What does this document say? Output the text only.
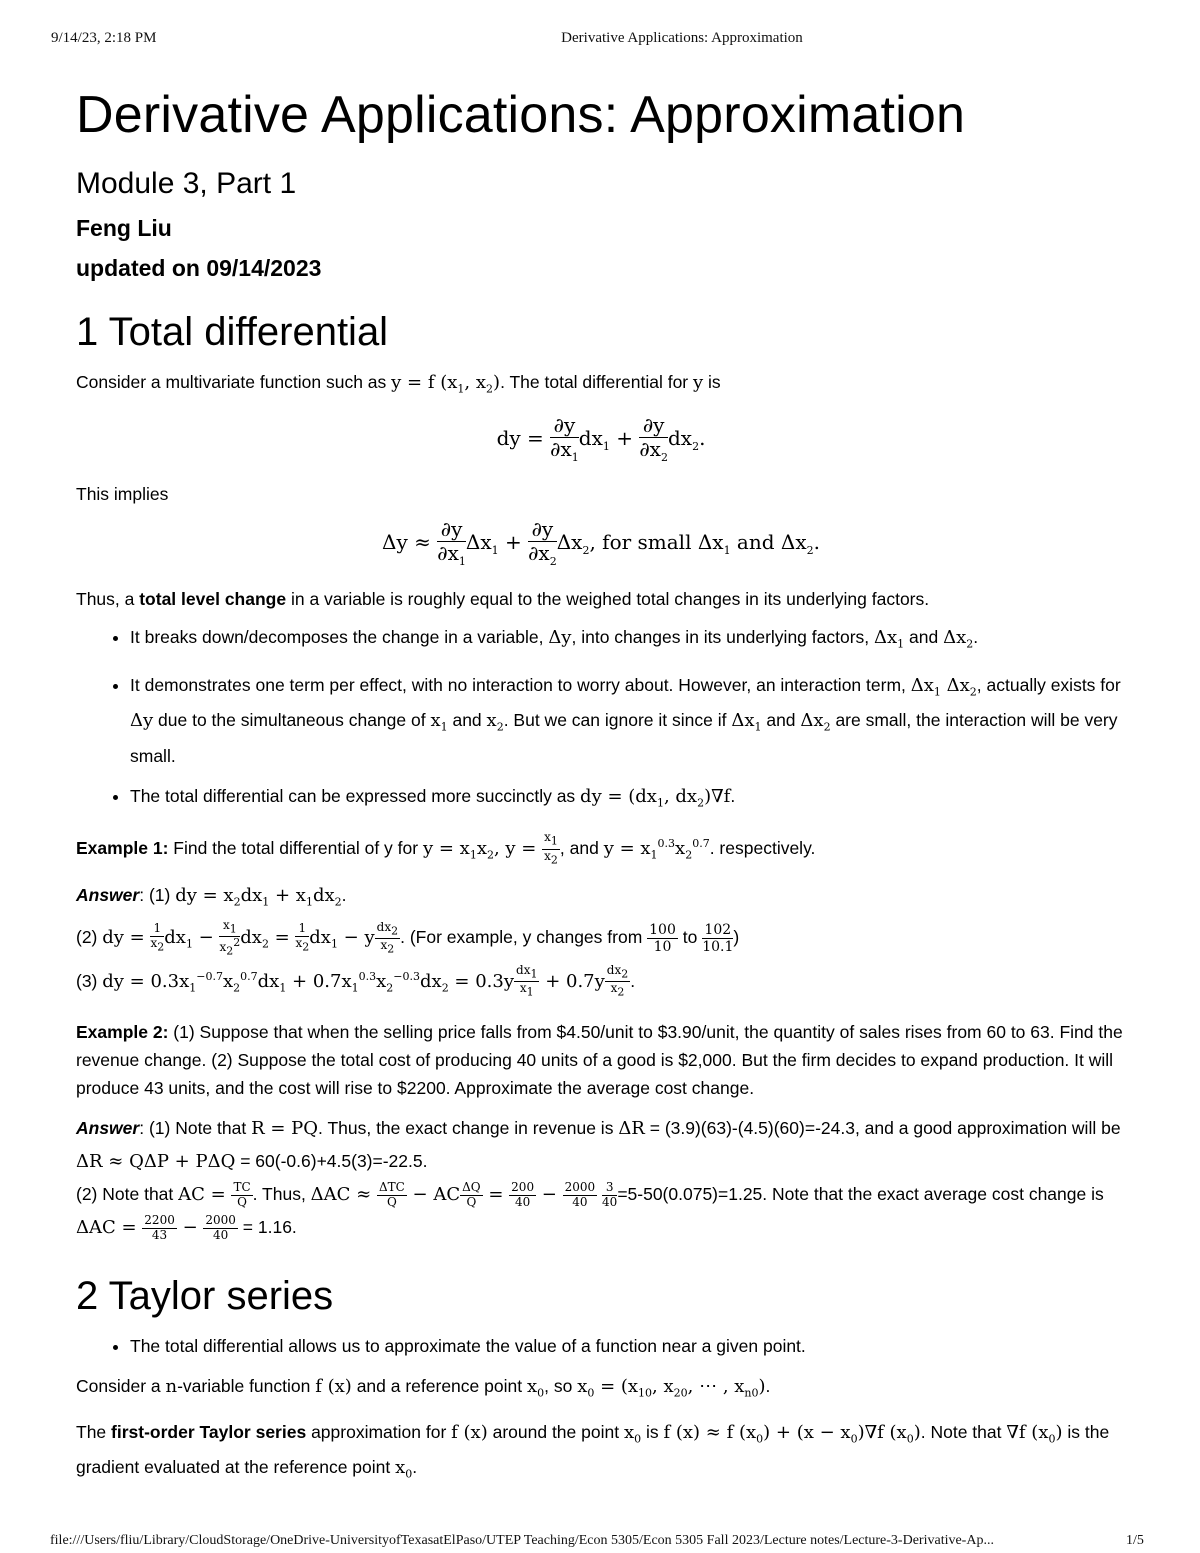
9/14/23, 2:18 PM	Derivative Applications: Approximation
Derivative Applications: Approximation
Module 3, Part 1
Feng Liu
updated on 09/14/2023
1 Total differential

Consider a multivariate function such as y = f ($x_1$, $x_2$). The total differential for y is

dy = $\frac{\partial y}{\partial x_1} dx_1 + \frac{\partial y}{\partial x_2} dx_2$.

This implies

$\Delta y \approx \frac{\partial y}{\partial x_1} \Delta x_1 + \frac{\partial y}{\partial x_2} \Delta x_2$, for small $\Delta x_1$ and $\Delta x_2$.

Thus, a total level change in a variable is roughly equal to the weighed total changes in its underlying factors.

• It breaks down/decomposes the change in a variable, Δy, into changes in its underlying factors, $\Delta x_1$ and $\Delta x_2$.
• It demonstrates one term per effect, with no interaction to worry about. However, an interaction term, $\Delta x_1$ $\Delta x_2$, actually exists for Δy due to the simultaneous change of $x_1$ and $x_2$. But we can ignore it since if $\Delta x_1$ and $\Delta x_2$ are small, the interaction will be very small.
• The total differential can be expressed more succinctly as dy = ($dx_1$, $dx_2)\nabla f$.

Example 1: Find the total differential of y for $y = x_1x_2$, $y = \frac{x_1}{x_2}$ , and $y = x_1^{0.3}x_2^{0.7}$. respectively.

Answer: (1) dy = $x_2dx_1 + x_1dx_2$.
(2) dy = $\frac{1}{x_2} dx_1 - \frac{x_1}{x_2^2} dx_2 = \frac{1}{x_2} dx_1 - y \frac{dx_2}{x_2}$ . (For example, y changes from $\frac{100}{10}$ to $\frac{102}{10.1}$ )
(3) dy = $0.3x_1^{-0.7}x_2^{0.7}dx_1 + 0.7x_1^{0.3}x_2^{-0.3}dx_2 = 0.3y \frac{dx_1}{x_1} + 0.7y \frac{dx_2}{x_2}$ .

Example 2: (1) Suppose that when the selling price falls from $4.50/unit to $3.90/unit, the quantity of sales rises from 60 to 63. Find the revenue change. (2) Suppose the total cost of producing 40 units of a good is $2,000. But the firm decides to expand production. It will produce 43 units, and the cost will rise to $2200. Approximate the average cost change.

Answer: (1) Note that R = PQ. Thus, the exact change in revenue is ΔR = (3.9)(63)-(4.5)(60)=-24.3, and a good approximation will be ΔR ≈ QΔP + PΔQ = 60(-0.6)+4.5(3)=-22.5.
(2) Note that AC = $\frac{TC}{Q}$ . Thus, $\Delta AC \approx \frac{\text{ΔTC}}{Q}$ − AC $\frac{\Delta Q}{Q} = \frac{200}{40} - \frac{2000}{40}$
$\frac{3}{40} =5-50(0.075)=1.25$. Note that the exact average cost change is $\Delta AC = \frac{2200}{43} - \frac{2000}{40} = 1.16$.

2 Taylor series
• The total differential allows us to approximate the value of a function near a given point.

Consider a n-variable function f (x) and a reference point $x_0$, so $x_0 = (x_{10}$, $x_{20}$, ⋯ , $x_{n0}$).

The first-order Taylor series approximation for f (x) around the point $x_0$ is f (x) ≈ f $(x_0) + (x - x_0)\nabla f$ $(x_0)$. Note that ∇f $(x_0)$ is the gradient evaluated at the reference point $x_0$.

file:///Users/fliu/Library/CloudStorage/OneDrive-UniversityofTexasatElPaso/UTEP Teaching/Econ 5305/Econ 5305 Fall 2023/Lecture notes/Lecture-3-Derivative-Ap...	1/5
